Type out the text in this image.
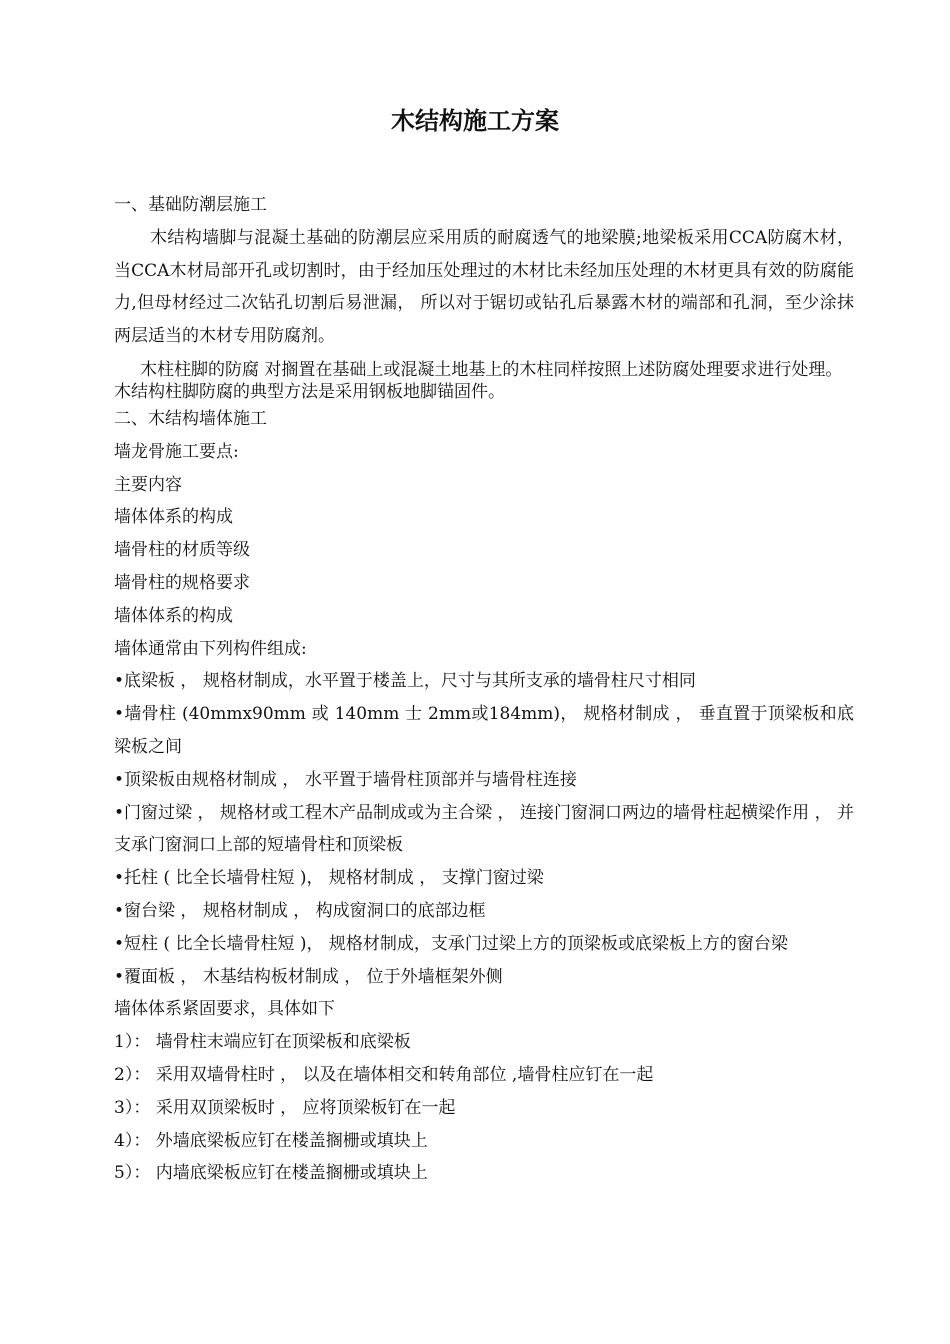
木结构施工方案
一、基础防潮层施工

木结构墙脚与混凝土基础的防潮层应采用质的耐腐透气的地梁膜;地梁板采用CCA防腐木材，当CCA木材局部开孔或切割时，由于经加压处理过的木材比未经加压处理的木材更具有效的防腐能力,但母材经过二次钻孔切割后易泄漏， 所以对于锯切或钻孔后暴露木材的端部和孔洞，至少涂抹两层适当的木材专用防腐剂。

木柱柱脚的防腐 对搁置在基础上或混凝土地基上的木柱同样按照上述防腐处理要求进行处理。木结构柱脚防腐的典型方法是采用钢板地脚锚固件。

二、木结构墙体施工
墙龙骨施工要点:
主要内容
墙体体系的构成
墙骨柱的材质等级
墙骨柱的规格要求
墙体体系的构成
墙体通常由下列构件组成:
•底梁板 ， 规格材制成，水平置于楼盖上，尺寸与其所支承的墙骨柱尺寸相同

•墙骨柱 (40mmx90mm 或 140mm 士 2mm或184mm)， 规格材制成 ， 垂直置于顶梁板和底梁板之间

•顶梁板由规格材制成 ， 水平置于墙骨柱顶部并与墙骨柱连接

•门窗过梁 ， 规格材或工程木产品制成或为主合梁 ， 连接门窗洞口两边的墙骨柱起横梁作用 ， 并支承门窗洞口上部的短墙骨柱和顶梁板

•托柱 ( 比全长墙骨柱短 )， 规格材制成 ， 支撑门窗过梁
•窗台梁 ， 规格材制成 ， 构成窗洞口的底部边框

•短柱 ( 比全长墙骨柱短 )， 规格材制成，支承门过梁上方的顶梁板或底梁板上方的窗台梁

•覆面板 ， 木基结构板材制成 ， 位于外墙框架外侧
墙体体系紧固要求，具体如下
1）： 墙骨柱末端应钉在顶梁板和底梁板
2）： 采用双墙骨柱时 ， 以及在墙体相交和转角部位 ,墙骨柱应钉在一起
3）： 采用双顶梁板时 ， 应将顶梁板钉在一起
4）： 外墙底梁板应钉在楼盖搁栅或填块上
5）： 内墙底梁板应钉在楼盖搁栅或填块上
